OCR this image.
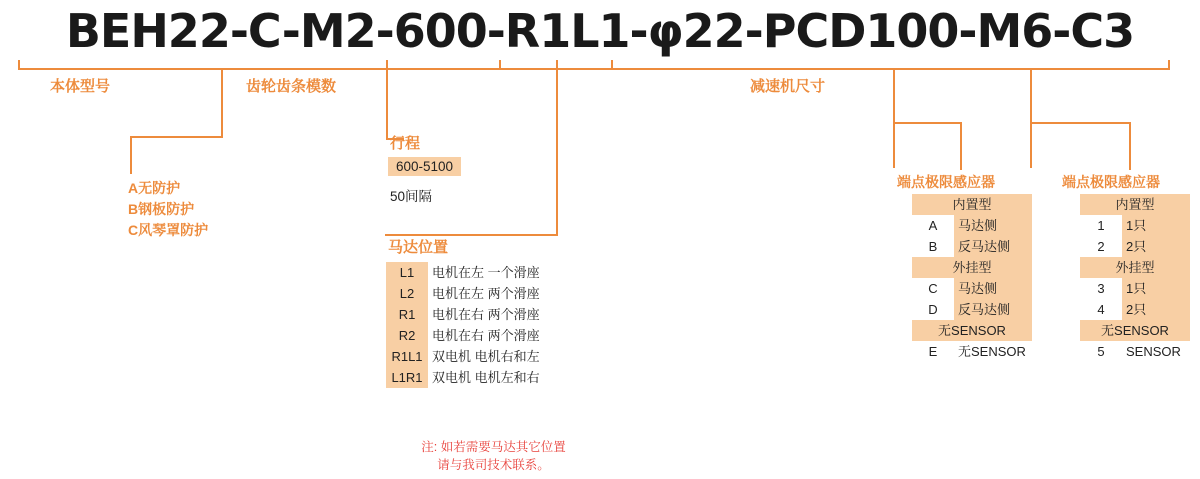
BEH22-C-M2-600-R1L1-φ22-PCD100-M6-C3
本体型号	齿轮齿条模数	减速机尺寸
A无防护
B钢板防护
C风琴罩防护
行程
600-5100
50间隔
马达位置
L1	电机在左 一个滑座
L2	电机在左 两个滑座
R1	电机在右 两个滑座
R2	电机在右 两个滑座
R1L1	双电机 电机右和左
L1R1	双电机 电机左和右
注: 如若需要马达其它位置
请与我司技术联系。
端点极限感应器
内置型	
A	马达侧
B	反马达侧
外挂型	
C	马达侧
D	反马达侧
无SENSOR	
E	无SENSOR
端点极限感应器
内置型	
1	1只
2	2只
外挂型	
3	1只
4	2只
无SENSOR	
5	SENSOR
